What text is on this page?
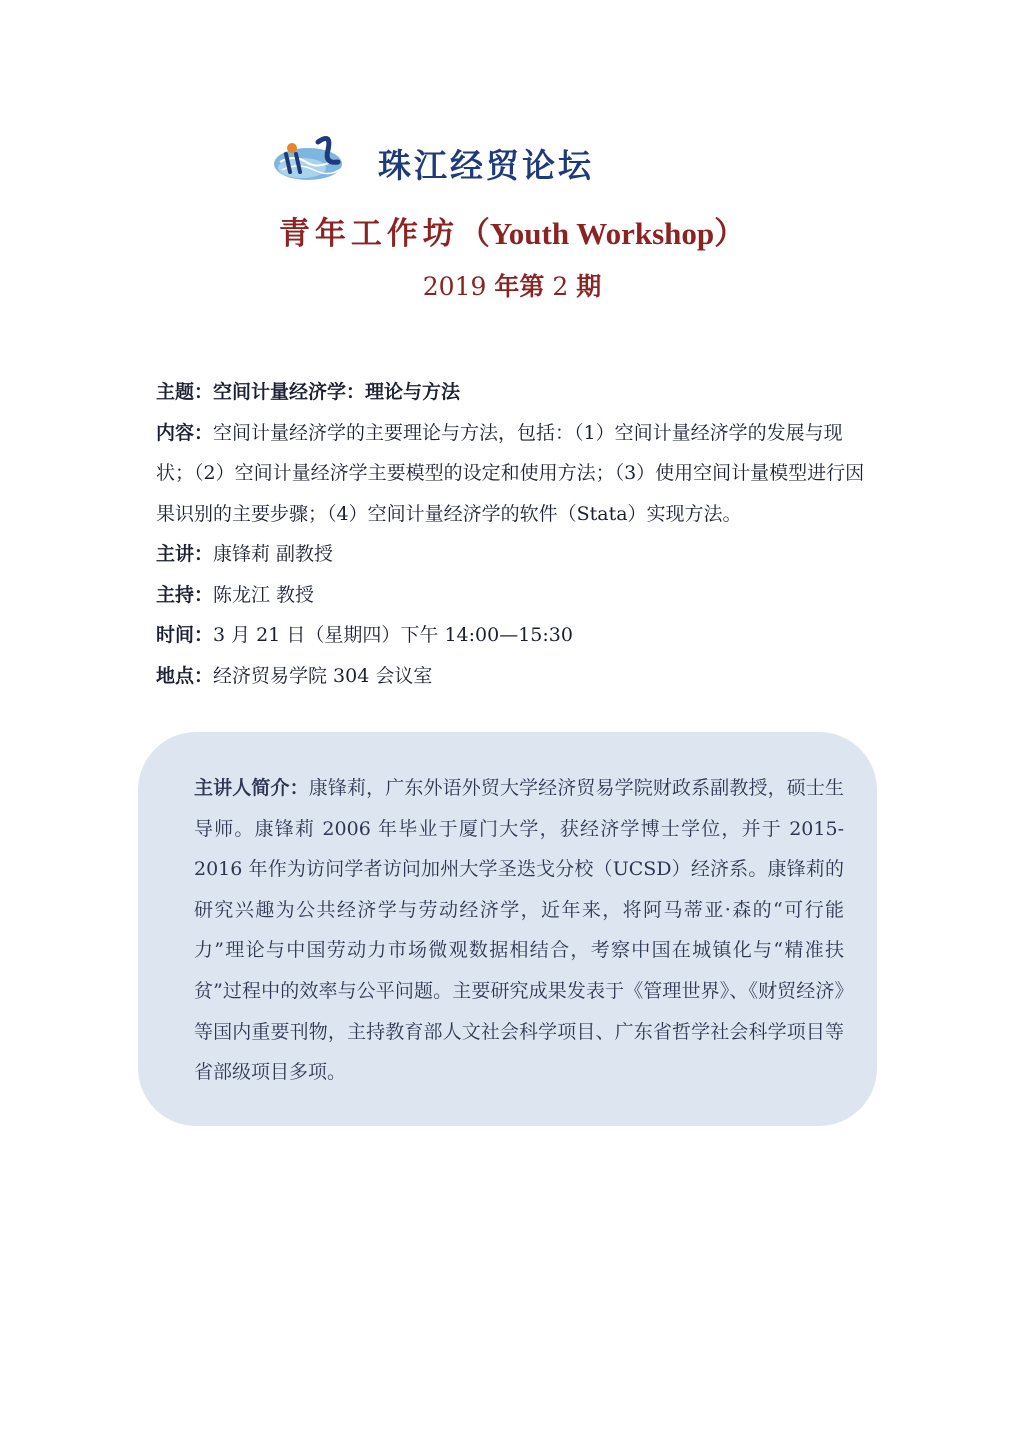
珠江经贸论坛
青年工作坊（Youth Workshop）
2019 年第 2 期
主题：空间计量经济学：理论与方法
内容：空间计量经济学的主要理论与方法，包括：（1）空间计量经济学的发展与现状；（2）空间计量经济学主要模型的设定和使用方法；（3）使用空间计量模型进行因果识别的主要步骤；（4）空间计量经济学的软件（Stata）实现方法。
主讲：康锋莉 副教授
主持：陈龙江 教授
时间：3 月 21 日（星期四）下午 14:00—15:30
地点：经济贸易学院 304 会议室
主讲人简介：康锋莉，广东外语外贸大学经济贸易学院财政系副教授，硕士生导师。康锋莉 2006 年毕业于厦门大学，获经济学博士学位，并于 2015-2016 年作为访问学者访问加州大学圣迭戈分校（UCSD）经济系。康锋莉的研究兴趣为公共经济学与劳动经济学，近年来，将阿马蒂亚·森的“可行能力”理论与中国劳动力市场微观数据相结合，考察中国在城镇化与“精准扶贫”过程中的效率与公平问题。主要研究成果发表于《管理世界》、《财贸经济》等国内重要刊物，主持教育部人文社会科学项目、广东省哲学社会科学项目等省部级项目多项。
